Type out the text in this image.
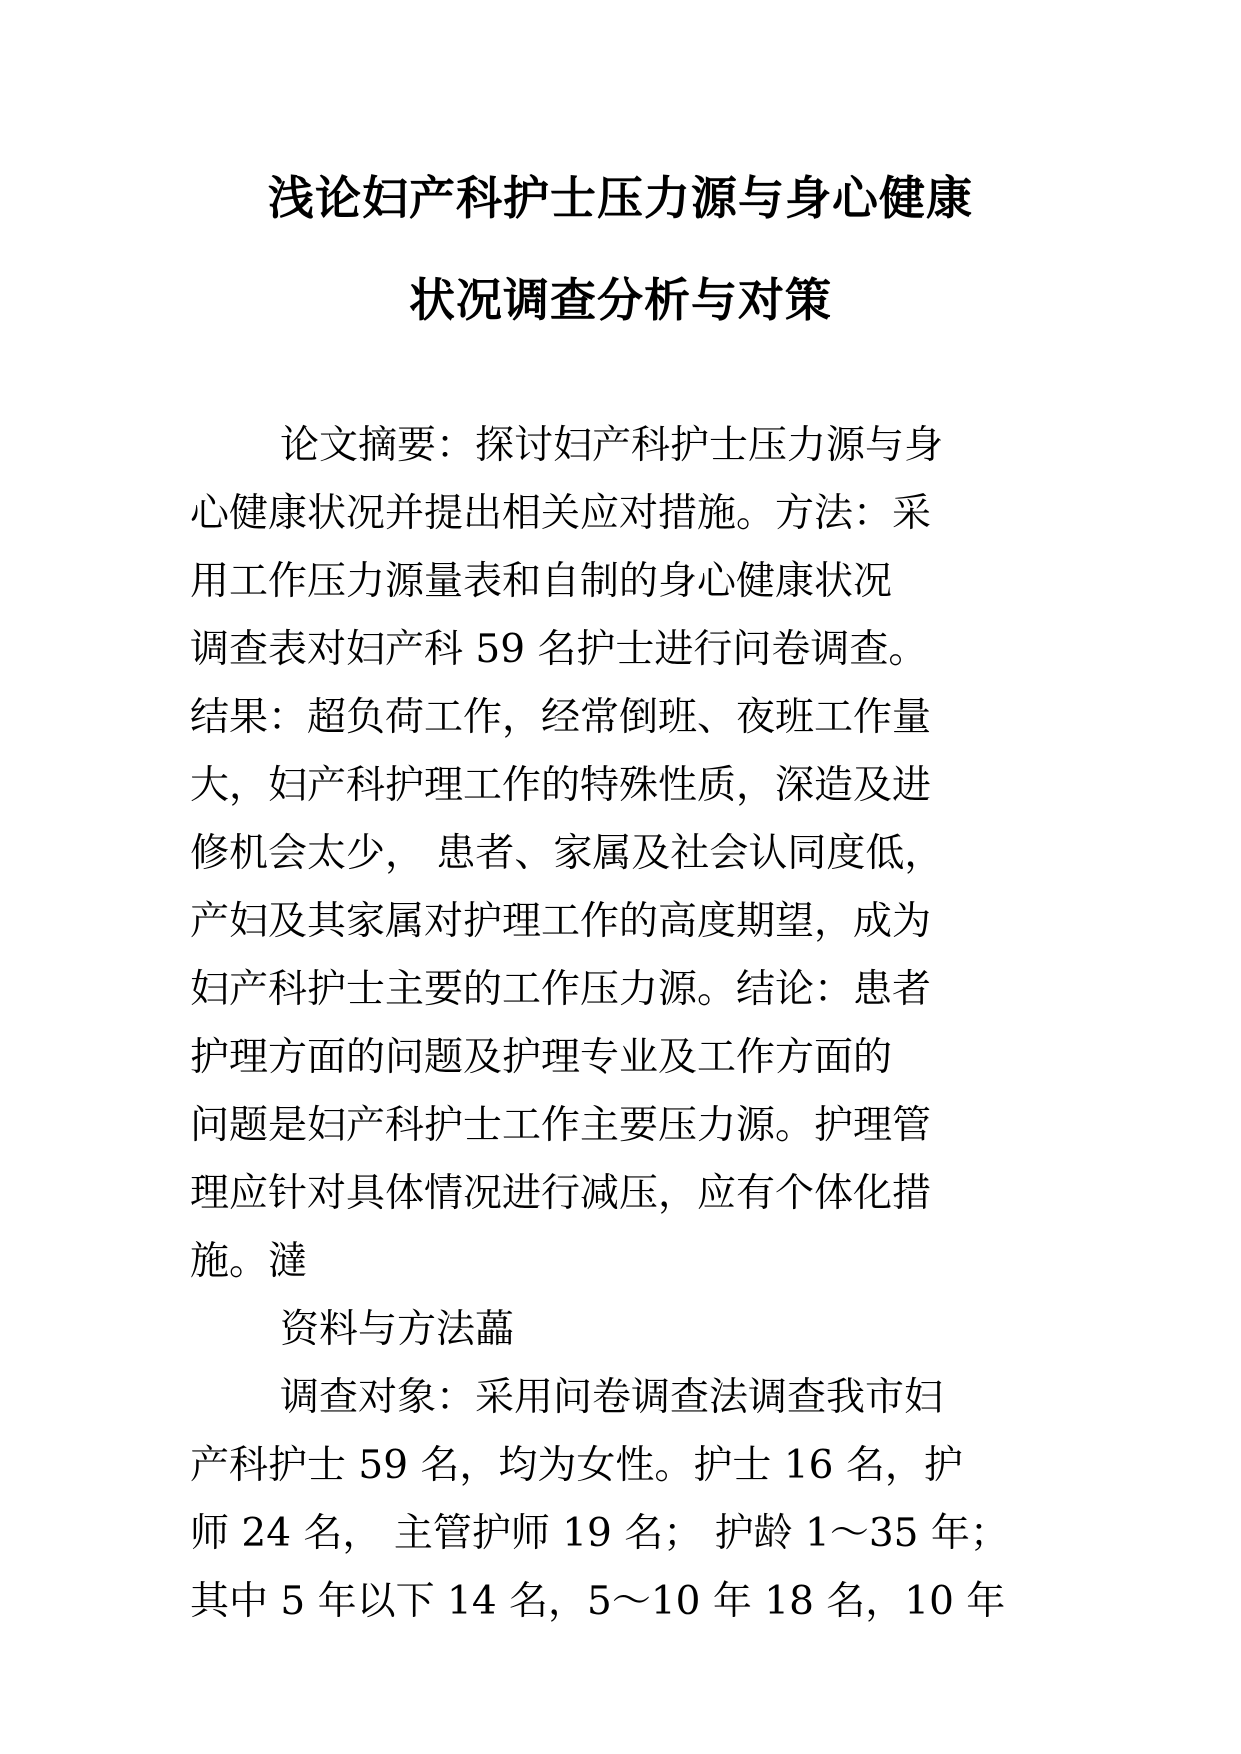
浅论妇产科护士压力源与身心健康
状况调查分析与对策
论文摘要：探讨妇产科护士压力源与身
心健康状况并提出相关应对措施。方法：采
用工作压力源量表和自制的身心健康状况
调查表对妇产科 59 名护士进行问卷调查。
结果：超负荷工作，经常倒班、夜班工作量
大，妇产科护理工作的特殊性质，深造及进
修机会太少， 患者、家属及社会认同度低，
产妇及其家属对护理工作的高度期望，成为
妇产科护士主要的工作压力源。结论：患者
护理方面的问题及护理专业及工作方面的
问题是妇产科护士工作主要压力源。护理管
理应针对具体情况进行减压，应有个体化措
施。澾
资料与方法藟
调查对象：采用问卷调查法调查我市妇
产科护士 59 名，均为女性。护士 16 名，护
师 24 名， 主管护师 19 名； 护龄 1～35 年；
其中 5 年以下 14 名，5～10 年 18 名，10 年
